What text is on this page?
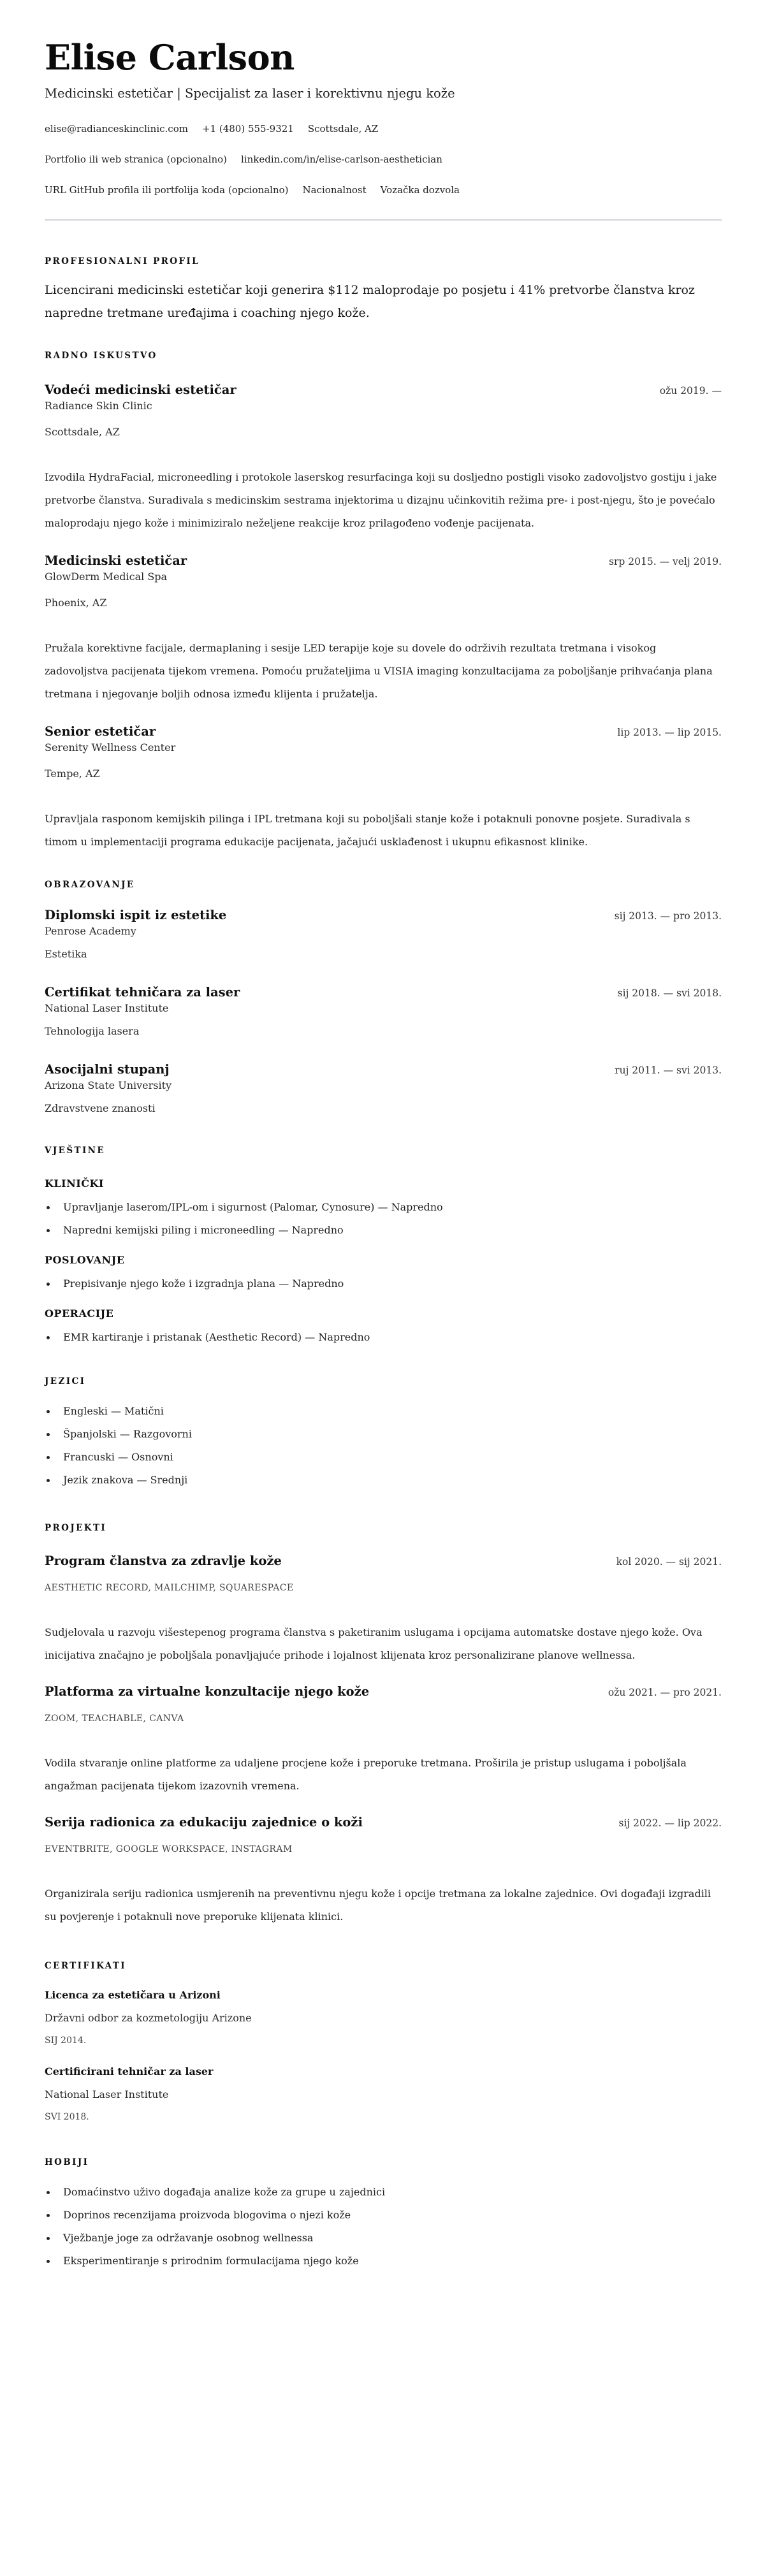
Elise Carlson

Medicinski estetičar | Specijalist za laser i korektivnu njegu kože

elise@radianceskinclinic.com +1 (480) 555-9321 Scottsdale, AZ
Portfolio ili web stranica (opcionalno) linkedin.com/in/elise-carlson-aesthetician
URL GitHub profila ili portfolija koda (opcionalno) Nacionalnost Vozačka dozvola
PROFESIONALNI PROFIL

Licencirani medicinski estetičar koji generira $112 maloprodaje po posjetu i 41% pretvorbe članstva kroz napredne tretmane uređajima i coaching njego kože.

RADNO ISKUSTVO
Vodeći medicinski estetičar	ožu 2019. —
Radiance Skin Clinic
Scottsdale, AZ
Izvodila HydraFacial, microneedling i protokole laserskog resurfacinga koji su dosljedno postigli visoko zadovoljstvo gostiju i jake pretvorbe članstva. Suradivala s medicinskim sestrama injektorima u dizajnu učinkovitih režima pre- i post-njegu, što je povećalo maloprodaju njego kože i minimiziralo neželjene reakcije kroz prilagođeno vođenje pacijenata.
Medicinski estetičar	srp 2015. — velj 2019.
GlowDerm Medical Spa
Phoenix, AZ
Pružala korektivne facijale, dermaplaning i sesije LED terapije koje su dovele do održivih rezultata tretmana i visokog zadovoljstva pacijenata tijekom vremena. Pomoću pružateljima u VISIA imaging konzultacijama za poboljšanje prihvaćanja plana tretmana i njegovanje boljih odnosa između klijenta i pružatelja.
Senior estetičar	lip 2013. — lip 2015.
Serenity Wellness Center
Tempe, AZ
Upravljala rasponom kemijskih pilinga i IPL tretmana koji su poboljšali stanje kože i potaknuli ponovne posjete. Suradivala s timom u implementaciji programa edukacije pacijenata, jačajući usklađenost i ukupnu efikasnost klinike.
OBRAZOVANJE
Diplomski ispit iz estetike	sij 2013. — pro 2013.
Penrose Academy
Estetika
Certifikat tehničara za laser	sij 2018. — svi 2018.
National Laser Institute
Tehnologija lasera
Asocijalni stupanj	ruj 2011. — svi 2013.
Arizona State University
Zdravstvene znanosti
VJEŠTINE
KLINIČKI
Upravljanje laserom/IPL-om i sigurnost (Palomar, Cynosure) — Napredno
Napredni kemijski piling i microneedling — Napredno
POSLOVANJE
Prepisivanje njego kože i izgradnja plana — Napredno
OPERACIJE
EMR kartiranje i pristanak (Aesthetic Record) — Napredno
JEZICI
Engleski — Matični
Španjolski — Razgovorni
Francuski — Osnovni
Jezik znakova — Srednji
PROJEKTI
Program članstva za zdravlje kože	kol 2020. — sij 2021.
AESTHETIC RECORD, MAILCHIMP, SQUARESPACE
Sudjelovala u razvoju višestepenog programa članstva s paketiranim uslugama i opcijama automatske dostave njego kože. Ova inicijativa značajno je poboljšala ponavljajuće prihode i lojalnost klijenata kroz personalizirane planove wellnessa.
Platforma za virtualne konzultacije njego kože	ožu 2021. — pro 2021.
ZOOM, TEACHABLE, CANVA
Vodila stvaranje online platforme za udaljene procjene kože i preporuke tretmana. Proširila je pristup uslugama i poboljšala angažman pacijenata tijekom izazovnih vremena.
Serija radionica za edukaciju zajednice o koži	sij 2022. — lip 2022.
EVENTBRITE, GOOGLE WORKSPACE, INSTAGRAM
Organizirala seriju radionica usmjerenih na preventivnu njegu kože i opcije tretmana za lokalne zajednice. Ovi događaji izgradili su povjerenje i potaknuli nove preporuke klijenata klinici.
CERTIFIKATI
Licenca za estetičara u Arizoni
Državni odbor za kozmetologiju Arizone
SIJ 2014.
Certificirani tehničar za laser
National Laser Institute
SVI 2018.
HOBIJI
Domaćinstvo uživo događaja analize kože za grupe u zajednici
Doprinos recenzijama proizvoda blogovima o njezi kože
Vježbanje joge za održavanje osobnog wellnessa
Eksperimentiranje s prirodnim formulacijama njego kože
